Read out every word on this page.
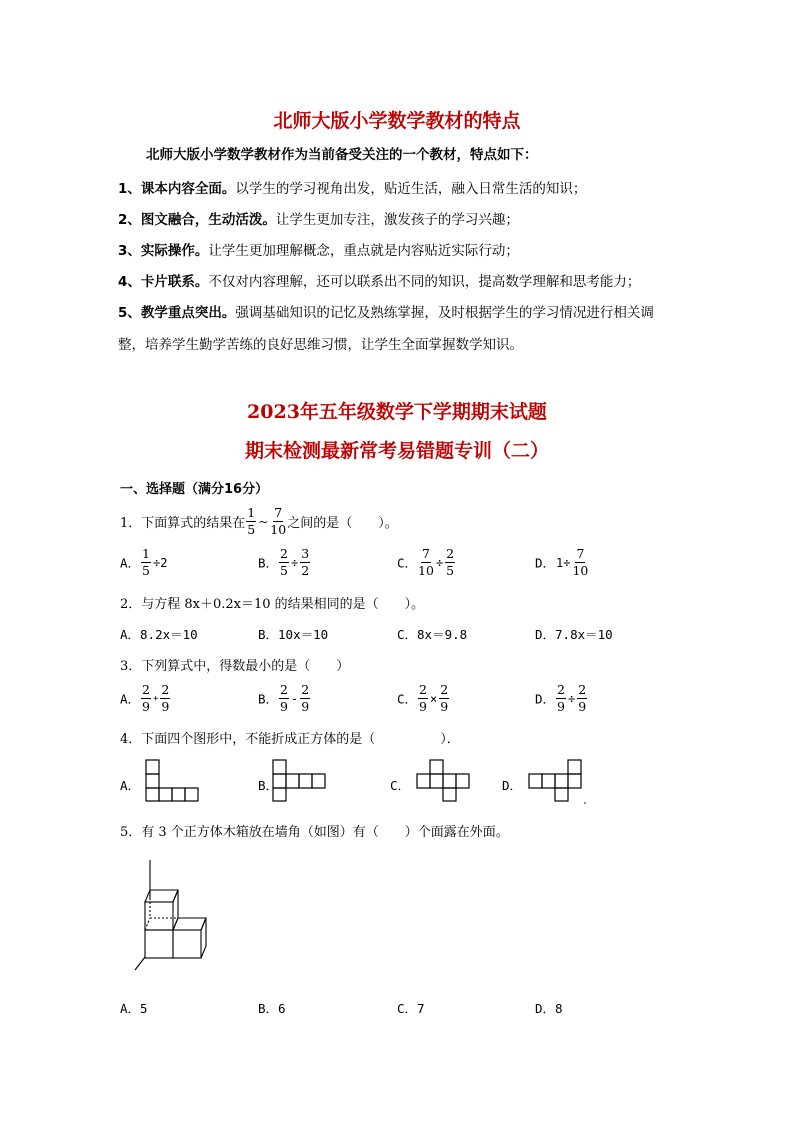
北师大版小学数学教材的特点
北师大版小学数学教材作为当前备受关注的一个教材，特点如下：
1、课本内容全面。以学生的学习视角出发，贴近生活，融入日常生活的知识；
2、图文融合，生动活泼。让学生更加专注，激发孩子的学习兴趣；
3、实际操作。让学生更加理解概念，重点就是内容贴近实际行动；
4、卡片联系。不仅对内容理解，还可以联系出不同的知识，提高数学理解和思考能力；
5、教学重点突出。强调基础知识的记忆及熟练掌握，及时根据学生的学习情况进行相关调
整，培养学生勤学苦练的良好思维习惯，让学生全面掌握数学知识。
2023年五年级数学下学期期末试题
期末检测最新常考易错题专训（二）
一、选择题（满分16分）
1．下面算式的结果在 $\frac{1}{5}$ ~ $\frac{7}{10}$ 之间的是（　　）。
A． $\frac{1}{5} \div 2$	B． $\frac{2}{5} \div \frac{3}{2}$	C． $\frac{7}{10} \div \frac{2}{5}$	D．$1\div \frac{7}{10}$
2．与方程 8x＋0.2x＝10 的结果相同的是（　　）。
A．8.2x＝10	B．10x＝10	C．8x＝9.8	D．7.8x＝10
3．下列算式中，得数最小的是（　　）
A． $\frac{2}{9} + \frac{2}{9}$	B． $\frac{2}{9} - \frac{2}{9}$	C． $\frac{2}{9} \times \frac{2}{9}$	D． $\frac{2}{9} \div \frac{2}{9}$
4．下面四个图形中，不能折成正方体的是（　　　　　）．
A．	B．	C．	D．
5．有 3 个正方体木箱放在墙角（如图）有（　　）个面露在外面。
A．5	B．6	C．7	D．8
